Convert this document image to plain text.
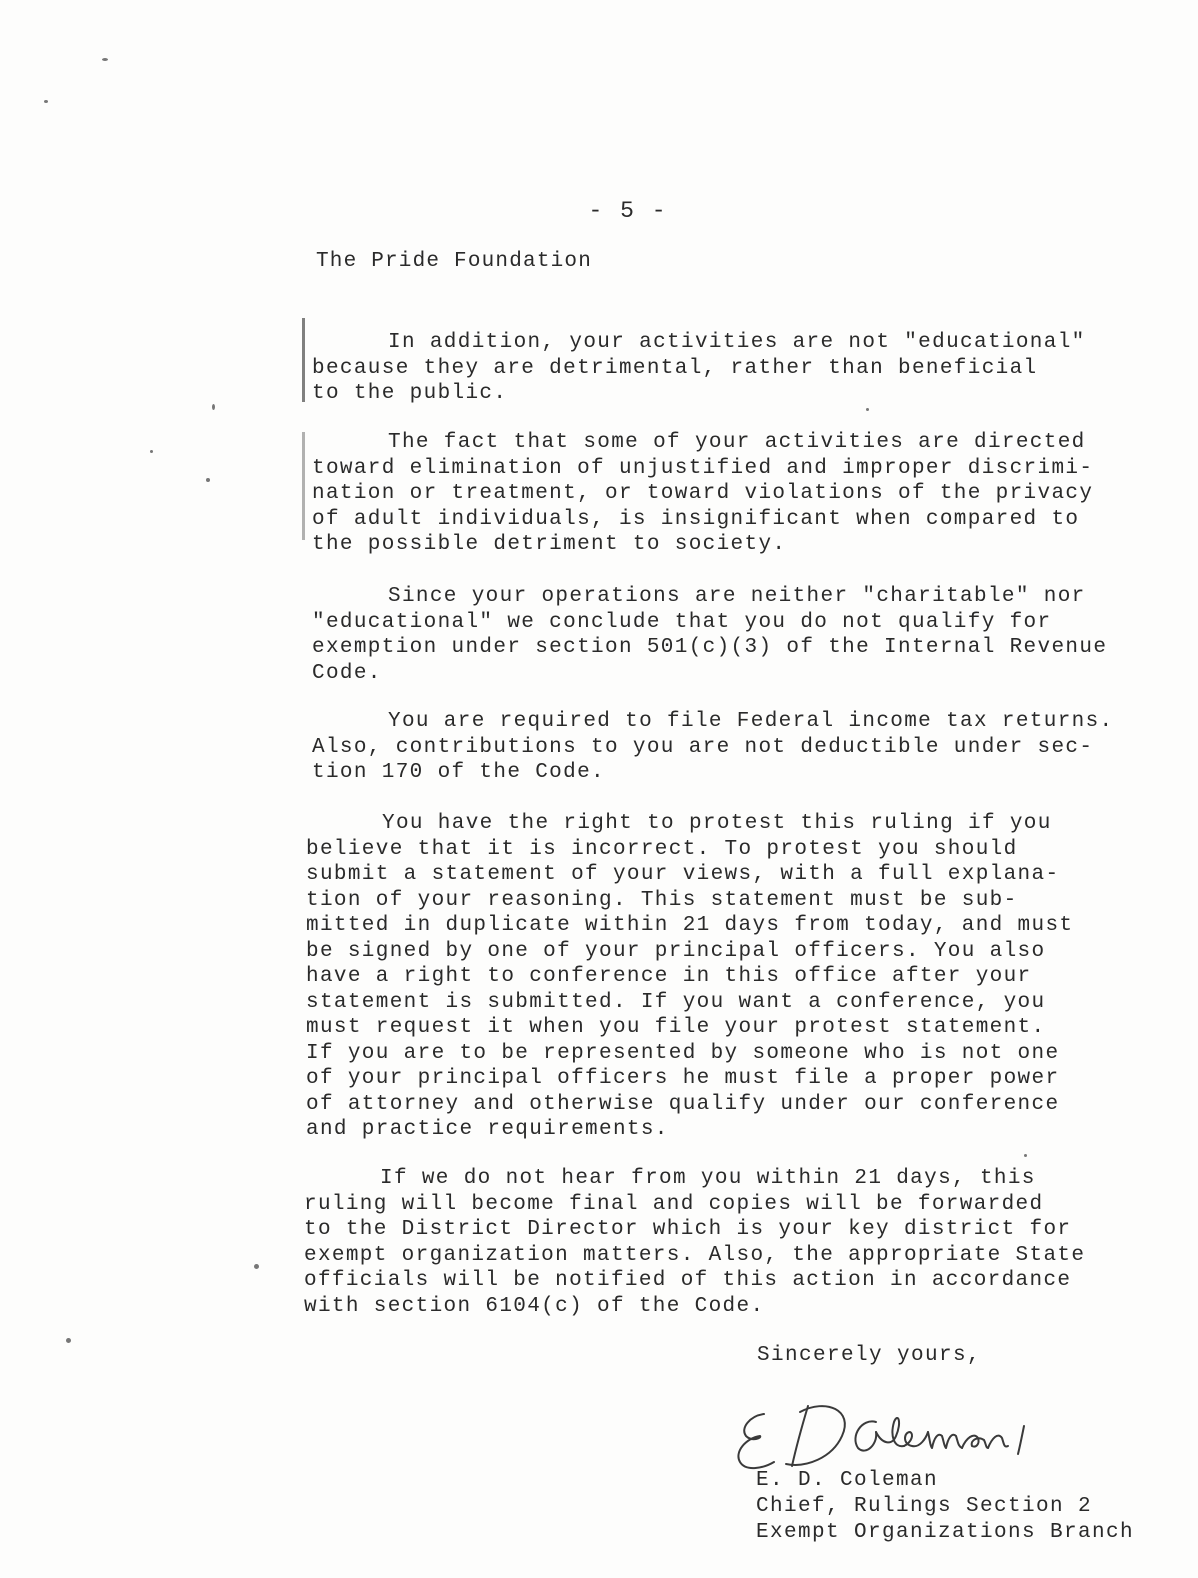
- 5 -
The Pride Foundation

In addition, your activities are not "educational"
because they are detrimental, rather than beneficial
to the public.

The fact that some of your activities are directed
toward elimination of unjustified and improper discrimi-
nation or treatment, or toward violations of the privacy
of adult individuals, is insignificant when compared to
the possible detriment to society.

Since your operations are neither "charitable" nor
"educational" we conclude that you do not qualify for
exemption under section 501(c)(3) of the Internal Revenue
Code.

You are required to file Federal income tax returns.
Also, contributions to you are not deductible under sec-
tion 170 of the Code.

You have the right to protest this ruling if you
believe that it is incorrect. To protest you should
submit a statement of your views, with a full explana-
tion of your reasoning. This statement must be sub-
mitted in duplicate within 21 days from today, and must
be signed by one of your principal officers. You also
have a right to conference in this office after your
statement is submitted. If you want a conference, you
must request it when you file your protest statement.
If you are to be represented by someone who is not one
of your principal officers he must file a proper power
of attorney and otherwise qualify under our conference
and practice requirements.

If we do not hear from you within 21 days, this
ruling will become final and copies will be forwarded
to the District Director which is your key district for
exempt organization matters. Also, the appropriate State
officials will be notified of this action in accordance
with section 6104(c) of the Code.

Sincerely yours,
E. D. Coleman
Chief, Rulings Section 2
Exempt Organizations Branch
